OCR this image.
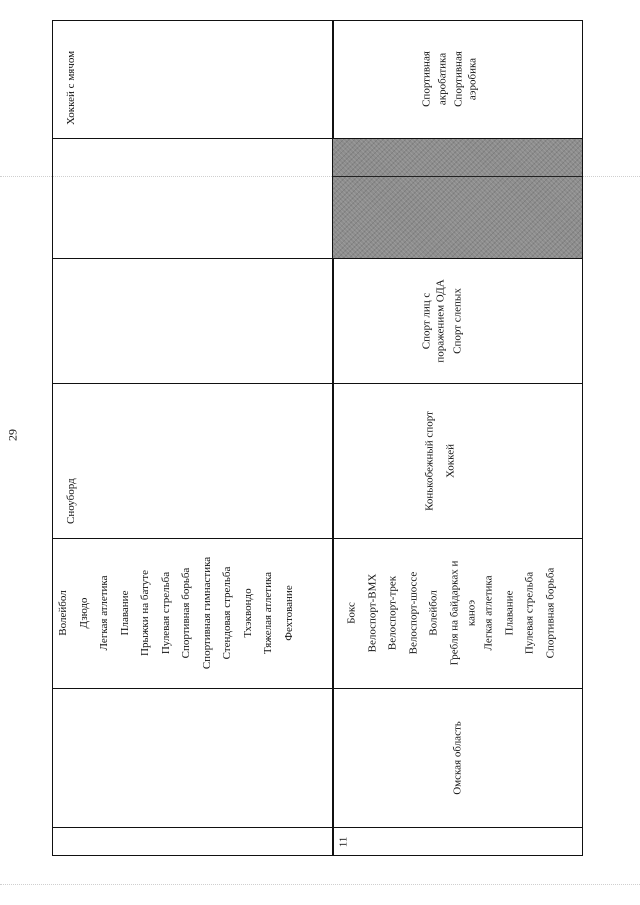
29
Волейбол Дзюдо Легкая атлетика Плавание Прыжки на батуте Пулевая стрельба Спортивная борьба Спортивная гимнастика Стендовая стрельба Тхэквондо Тяжелая атлетика Фехтование
Сноуборд
Хоккей с мячом
11
Омская область
Бокс Велоспорт-ВМХ Велоспорт-трек Велоспорт-шоссе Волейбол Гребля на байдарках и каноэ Легкая атлетика Плавание Пулевая стрельба Спортивная борьба
Конькобежный спорт Хоккей
Спорт лиц с поражением ОДА Спорт слепых
Спортивная акробатика Спортивная аэробика
